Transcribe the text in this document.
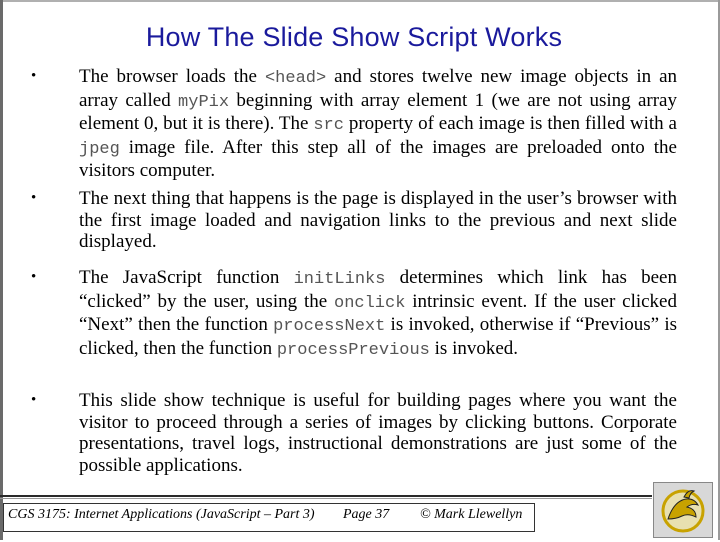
How The Slide Show Script Works
• The browser loads the <head> and stores twelve new image objects in an array called myPix beginning with array element 1 (we are not using array element 0, but it is there). The src property of each image is then filled with a jpeg image file. After this step all of the images are preloaded onto the visitors computer.
• The next thing that happens is the page is displayed in the user’s browser with the first image loaded and navigation links to the previous and next slide displayed.
• The JavaScript function initLinks determines which link has been “clicked” by the user, using the onclick intrinsic event. If the user clicked “Next” then the function processNext is invoked, otherwise if “Previous” is clicked, then the function processPrevious is invoked.
• This slide show technique is useful for building pages where you want the visitor to proceed through a series of images by clicking buttons. Corporate presentations, travel logs, instructional demonstrations are just some of the possible applications.
CGS 3175: Internet Applications (JavaScript – Part 3) Page 37 © Mark Llewellyn
